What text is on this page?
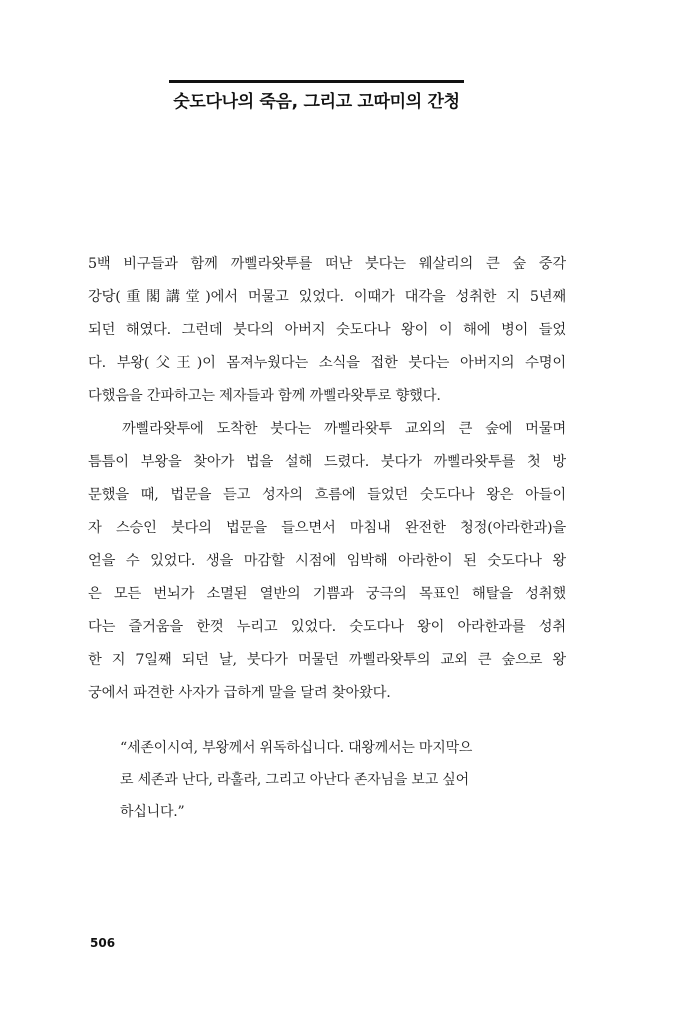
숫도다나의 죽음, 그리고 고따미의 간청
5백 비구들과 함께 까삘라왓투를 떠난 붓다는 웨살리의 큰 숲 중각
강당(重閣講堂)에서 머물고 있었다. 이때가 대각을 성취한 지 5년째
되던 해였다. 그런데 붓다의 아버지 숫도다나 왕이 이 해에 병이 들었
다. 부왕(父王)이 몸져누웠다는 소식을 접한 붓다는 아버지의 수명이
다했음을 간파하고는 제자들과 함께 까삘라왓투로 향했다.
까삘라왓투에 도착한 붓다는 까삘라왓투 교외의 큰 숲에 머물며
틈틈이 부왕을 찾아가 법을 설해 드렸다. 붓다가 까삘라왓투를 첫 방
문했을 때, 법문을 듣고 성자의 흐름에 들었던 숫도다나 왕은 아들이
자 스승인 붓다의 법문을 들으면서 마침내 완전한 청정(아라한과)을
얻을 수 있었다. 생을 마감할 시점에 임박해 아라한이 된 숫도다나 왕
은 모든 번뇌가 소멸된 열반의 기쁨과 궁극의 목표인 해탈을 성취했
다는 즐거움을 한껏 누리고 있었다. 숫도다나 왕이 아라한과를 성취
한 지 7일째 되던 날, 붓다가 머물던 까삘라왓투의 교외 큰 숲으로 왕
궁에서 파견한 사자가 급하게 말을 달려 찾아왔다.
“세존이시여, 부왕께서 위독하십니다. 대왕께서는 마지막으
로 세존과 난다, 라훌라, 그리고 아난다 존자님을 보고 싶어
하십니다.”
506
